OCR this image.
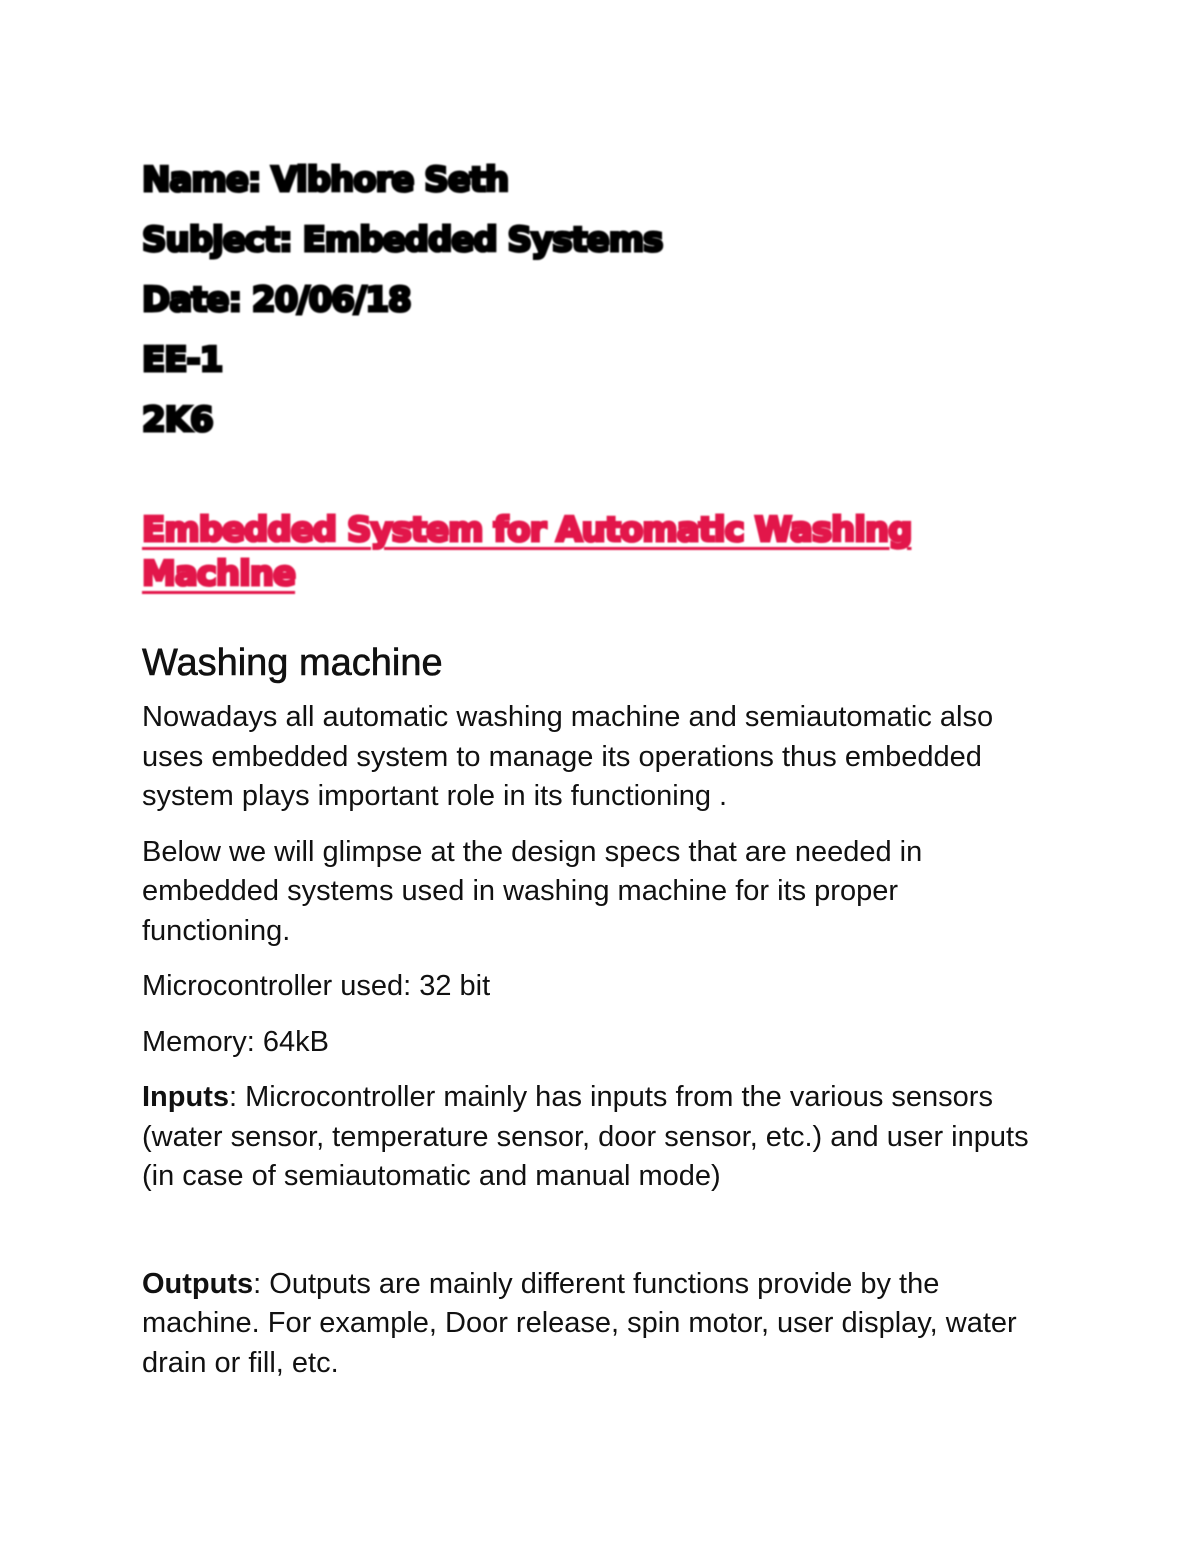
Name: Vibhore Seth

Subject: Embedded Systems

Date: 20/06/18

EE-1

2K6

Embedded System for Automatic Washing Machine
Washing machine

Nowadays all automatic washing machine and semiautomatic also uses embedded system to manage its operations thus embedded system plays important role in its functioning .

Below we will glimpse at the design specs that are needed in embedded systems used in washing machine for its proper functioning.

Microcontroller used: 32 bit

Memory: 64kB

Inputs: Microcontroller mainly has inputs from the various sensors (water sensor, temperature sensor, door sensor, etc.) and user inputs (in case of semiautomatic and manual mode)

Outputs: Outputs are mainly different functions provide by the machine. For example, Door release, spin motor, user display, water drain or fill, etc.
